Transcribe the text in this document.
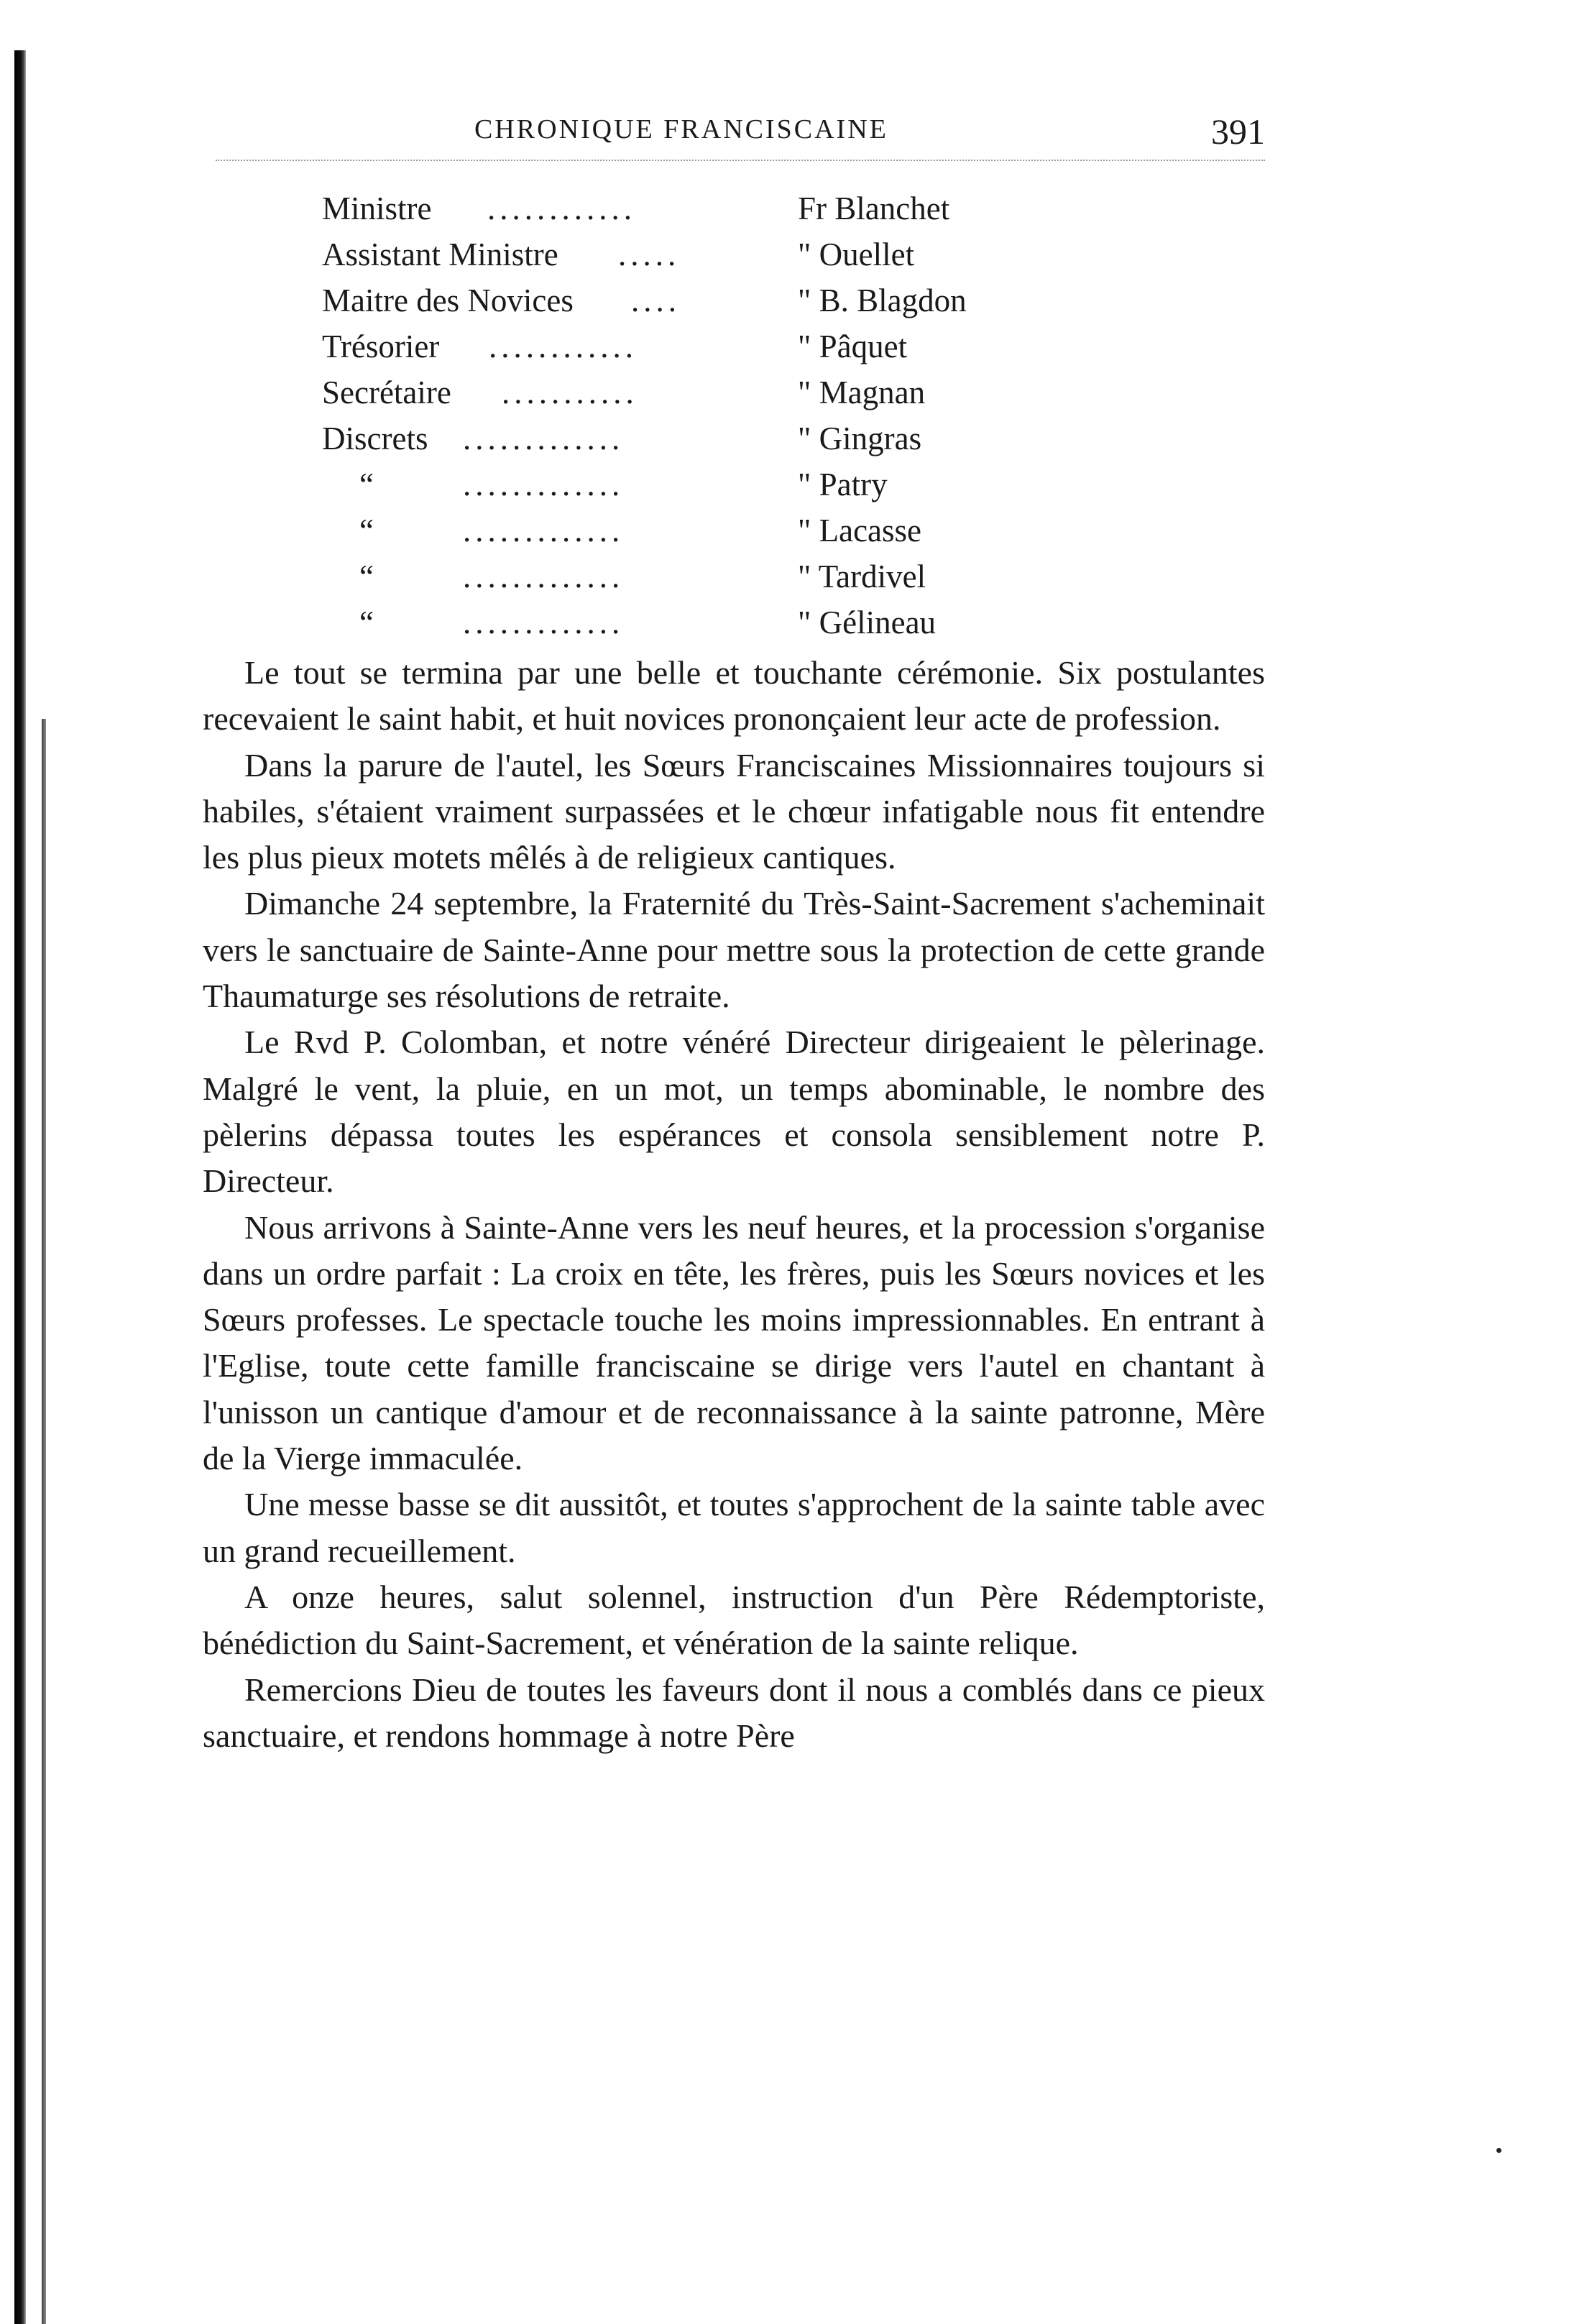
CHRONIQUE FRANCISCAINE	391
Ministre ............	Fr Blanchet
Assistant Ministre .....	" Ouellet
Maitre des Novices ....	" B. Blagdon
Trésorier ............	" Pâquet
Secrétaire ...........	" Magnan
Discrets .............	" Gingras
“	.............	" Patry
“	.............	" Lacasse
“	.............	" Tardivel
“	.............	" Gélineau

Le tout se termina par une belle et touchante cérémonie. Six postulantes recevaient le saint habit, et huit novices prononçaient leur acte de profession.

Dans la parure de l'autel, les Sœurs Franciscaines Missionnaires toujours si habiles, s'étaient vraiment surpassées et le chœur infatigable nous fit entendre les plus pieux motets mêlés à de religieux cantiques.

Dimanche 24 septembre, la Fraternité du Très-Saint-Sacrement s'acheminait vers le sanctuaire de Sainte-Anne pour mettre sous la protection de cette grande Thaumaturge ses résolutions de retraite.

Le Rvd P. Colomban, et notre vénéré Directeur dirigeaient le pèlerinage. Malgré le vent, la pluie, en un mot, un temps abominable, le nombre des pèlerins dépassa toutes les espérances et consola sensiblement notre P. Directeur.

Nous arrivons à Sainte-Anne vers les neuf heures, et la procession s'organise dans un ordre parfait : La croix en tête, les frères, puis les Sœurs novices et les Sœurs professes. Le spectacle touche les moins impressionnables. En entrant à l'Eglise, toute cette famille franciscaine se dirige vers l'autel en chantant à l'unisson un cantique d'amour et de reconnaissance à la sainte patronne, Mère de la Vierge immaculée.

Une messe basse se dit aussitôt, et toutes s'approchent de la sainte table avec un grand recueillement.

A onze heures, salut solennel, instruction d'un Père Rédemptoriste, bénédiction du Saint-Sacrement, et vénération de la sainte relique.

Remercions Dieu de toutes les faveurs dont il nous a comblés dans ce pieux sanctuaire, et rendons hommage à notre Père
